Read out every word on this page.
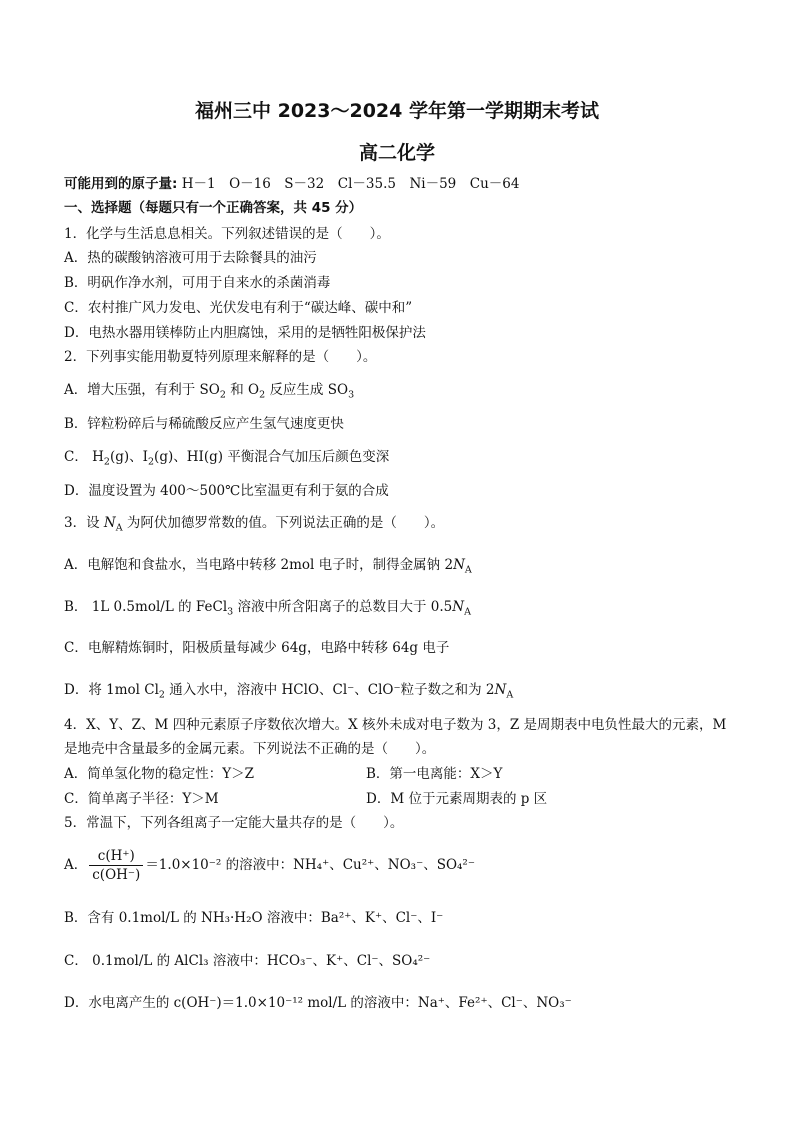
福州三中 2023～2024 学年第一学期期末考试
高二化学
可能用到的原子量: H－1　O－16　S－32　Cl－35.5　Ni－59　Cu－64
一、选择题（每题只有一个正确答案，共 45 分）
1．化学与生活息息相关。下列叙述错误的是（　　）。
A．热的碳酸钠溶液可用于去除餐具的油污
B．明矾作净水剂，可用于自来水的杀菌消毒
C．农村推广风力发电、光伏发电有利于“碳达峰、碳中和”
D．电热水器用镁棒防止内胆腐蚀，采用的是牺牲阳极保护法
2．下列事实能用勒夏特列原理来解释的是（　　）。
A．增大压强，有利于 $SO_2$ 和 $O_2$ 反应生成 $SO_3$
B．锌粒粉碎后与稀硫酸反应产生氢气速度更快
C． $H_2(g)$、$I_2(g)$、HI(g) 平衡混合气加压后颜色变深
D．温度设置为 400～500℃比室温更有利于氨的合成
3．设 $N_A$ 为阿伏加德罗常数的值。下列说法正确的是（　　）。
A．电解饱和食盐水，当电路中转移 2mol 电子时，制得金属钠 $2N_A$
B． 1L 0.5mol/L 的 FeCl$_3$ 溶液中所含阳离子的总数目大于 $0.5N_A$
C．电解精炼铜时，阳极质量每减少 64g，电路中转移 64g 电子
D．将 1mol $Cl_2$ 通入水中，溶液中 HClO、Cl⁻、ClO⁻粒子数之和为 $2N_A$
4．X、Y、Z、M 四种元素原子序数依次增大。X 核外未成对电子数为 3，Z 是周期表中电负性最大的元素，M
是地壳中含量最多的金属元素。下列说法不正确的是（　　）。
A．简单氢化物的稳定性：Y＞Z	B．第一电离能：X＞Y
C．简单离子半径：Y＞M	D．M 位于元素周期表的 p 区
5．常温下，下列各组离子一定能大量共存的是（　　）。
A． $\frac{c(H^+)}{c(OH^-)} =1.0\times 10^{-2}$ 的溶液中：NH₄⁺、Cu²⁺、NO₃⁻、SO₄²⁻
B．含有 0.1mol/L 的 NH₃·H₂O 溶液中：Ba²⁺、K⁺、Cl⁻、I⁻
C． 0.1mol/L 的 AlCl₃ 溶液中：HCO₃⁻、K⁺、Cl⁻、SO₄²⁻
D．水电离产生的 c(OH⁻)＝1.0×10⁻¹² mol/L 的溶液中：Na⁺、Fe²⁺、Cl⁻、NO₃⁻
